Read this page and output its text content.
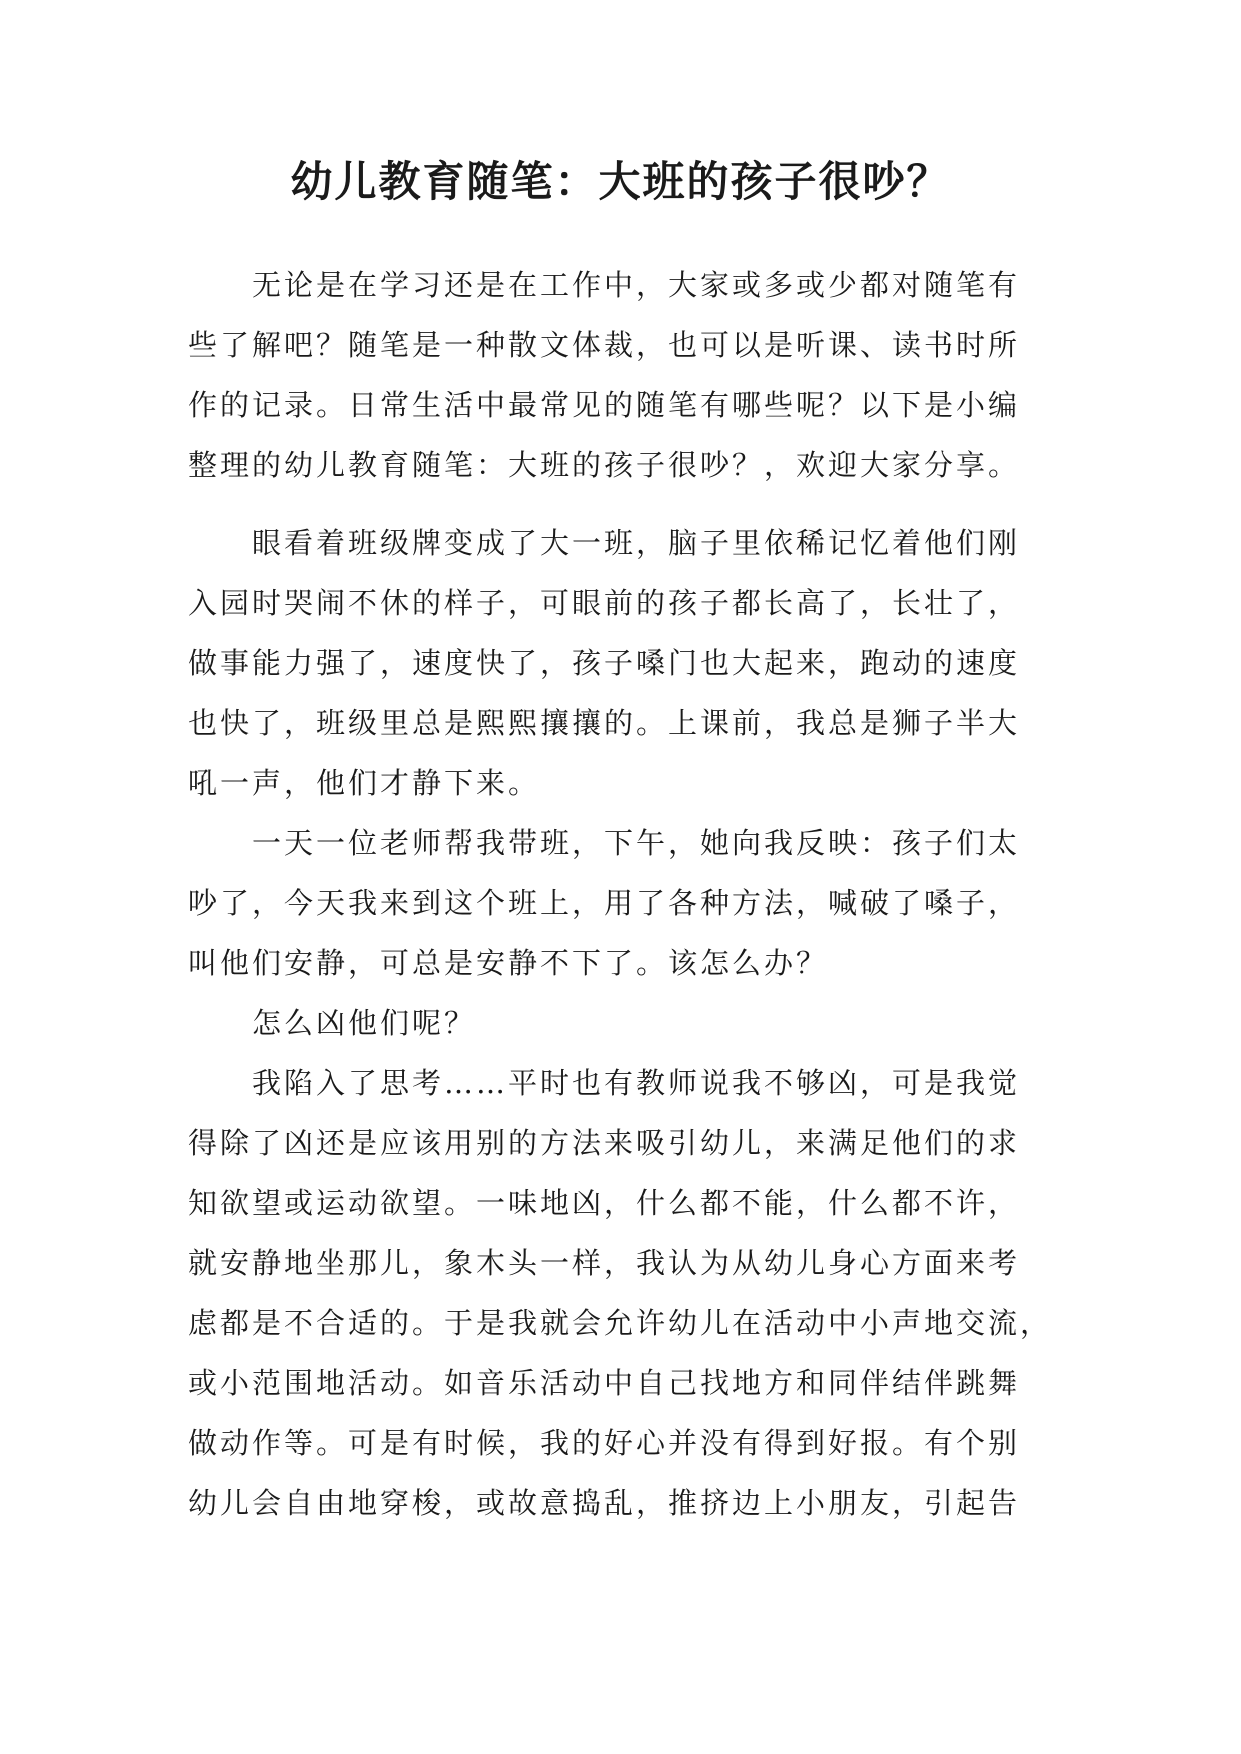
幼儿教育随笔：大班的孩子很吵？
无论是在学习还是在工作中，大家或多或少都对随笔有
些了解吧？随笔是一种散文体裁，也可以是听课、读书时所
作的记录。日常生活中最常见的随笔有哪些呢？以下是小编
整理的幼儿教育随笔：大班的孩子很吵？，欢迎大家分享。
眼看着班级牌变成了大一班，脑子里依稀记忆着他们刚
入园时哭闹不休的样子，可眼前的孩子都长高了，长壮了，
做事能力强了，速度快了，孩子嗓门也大起来，跑动的速度
也快了，班级里总是熙熙攘攘的。上课前，我总是狮子半大
吼一声，他们才静下来。
一天一位老师帮我带班，下午，她向我反映：孩子们太
吵了，今天我来到这个班上，用了各种方法，喊破了嗓子，
叫他们安静，可总是安静不下了。该怎么办？
怎么凶他们呢？
我陷入了思考……平时也有教师说我不够凶，可是我觉
得除了凶还是应该用别的方法来吸引幼儿，来满足他们的求
知欲望或运动欲望。一味地凶，什么都不能，什么都不许，
就安静地坐那儿，象木头一样，我认为从幼儿身心方面来考
虑都是不合适的。于是我就会允许幼儿在活动中小声地交流，
或小范围地活动。如音乐活动中自己找地方和同伴结伴跳舞
做动作等。可是有时候，我的好心并没有得到好报。有个别
幼儿会自由地穿梭，或故意捣乱，推挤边上小朋友，引起告
